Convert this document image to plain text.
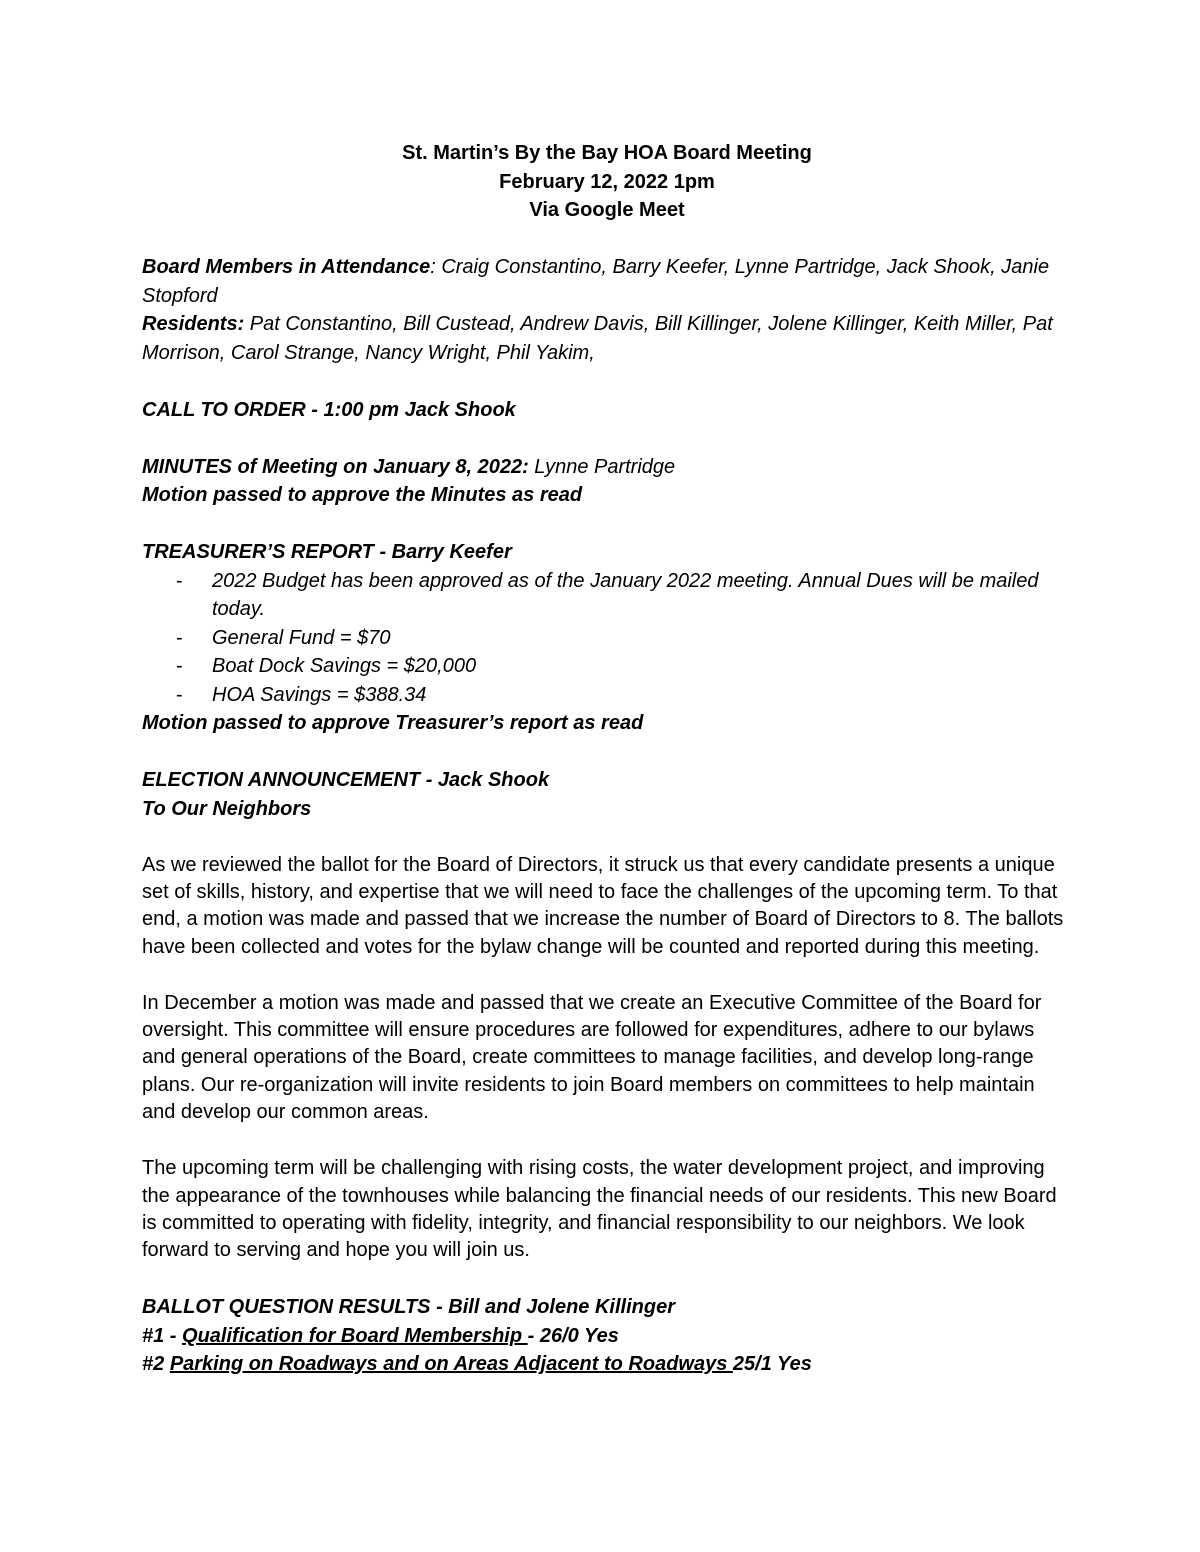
St. Martin’s By the Bay HOA Board Meeting
February 12, 2022 1pm
Via Google Meet
Board Members in Attendance: Craig Constantino, Barry Keefer, Lynne Partridge, Jack Shook, Janie Stopford
Residents: Pat Constantino, Bill Custead, Andrew Davis, Bill Killinger, Jolene Killinger, Keith Miller, Pat Morrison, Carol Strange, Nancy Wright, Phil Yakim,
CALL TO ORDER - 1:00 pm Jack Shook
MINUTES of Meeting on January 8, 2022: Lynne Partridge
Motion passed to approve the Minutes as read
TREASURER’S REPORT - Barry Keefer
- 2022 Budget has been approved as of the January 2022 meeting. Annual Dues will be mailed today.
- General Fund = $70
- Boat Dock Savings = $20,000
- HOA Savings = $388.34
Motion passed to approve Treasurer’s report as read
ELECTION ANNOUNCEMENT - Jack Shook
To Our Neighbors

As we reviewed the ballot for the Board of Directors, it struck us that every candidate presents a unique set of skills, history, and expertise that we will need to face the challenges of the upcoming term. To that end, a motion was made and passed that we increase the number of Board of Directors to 8. The ballots have been collected and votes for the bylaw change will be counted and reported during this meeting.

In December a motion was made and passed that we create an Executive Committee of the Board for oversight. This committee will ensure procedures are followed for expenditures, adhere to our bylaws and general operations of the Board, create committees to manage facilities, and develop long-range plans. Our re-organization will invite residents to join Board members on committees to help maintain and develop our common areas.

The upcoming term will be challenging with rising costs, the water development project, and improving the appearance of the townhouses while balancing the financial needs of our residents. This new Board is committed to operating with fidelity, integrity, and financial responsibility to our neighbors. We look forward to serving and hope you will join us.

BALLOT QUESTION RESULTS - Bill and Jolene Killinger
#1 - Qualification for Board Membership - 26/0 Yes
#2 Parking on Roadways and on Areas Adjacent to Roadways 25/1 Yes
